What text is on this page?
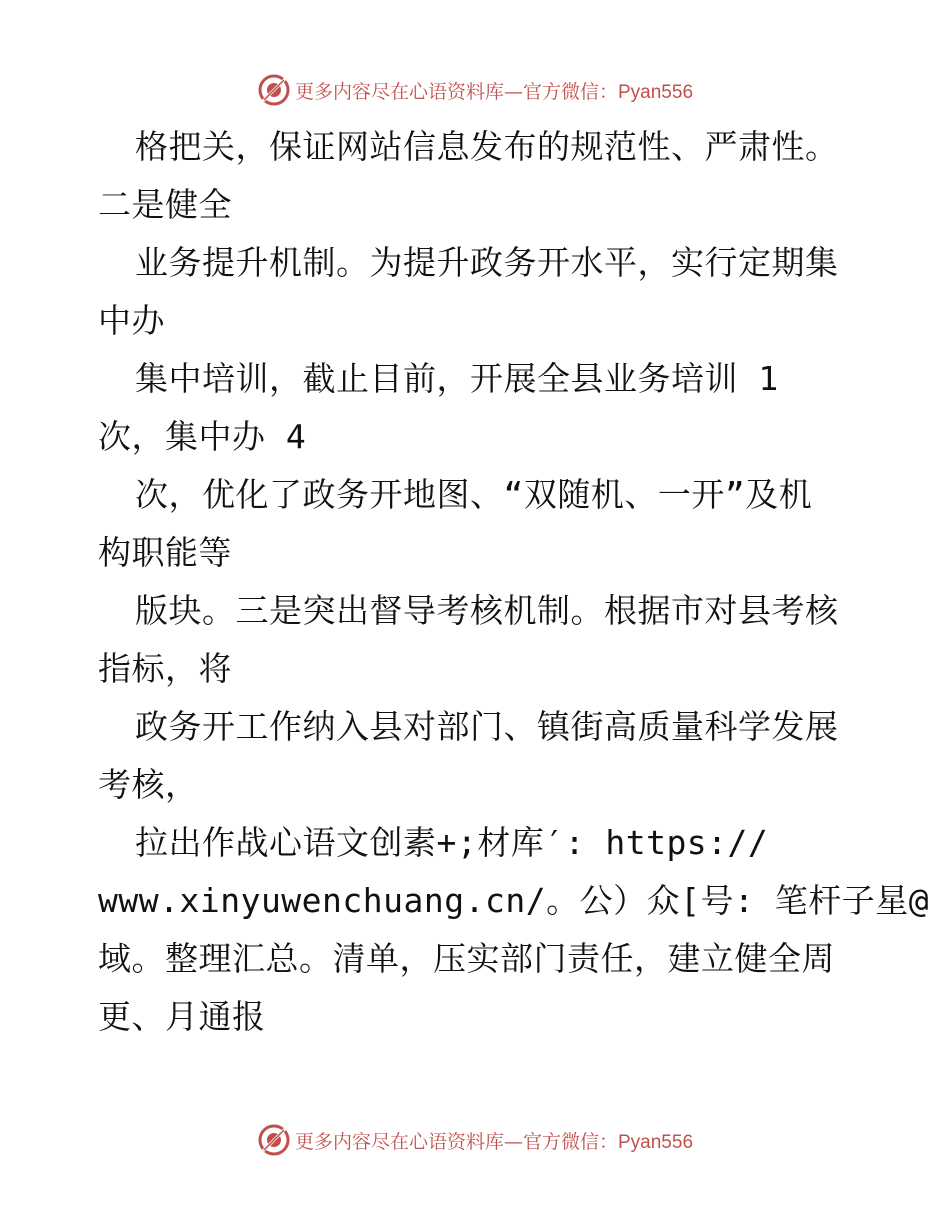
更多内容尽在心语资料库—官方微信：Pyan556
格把关，保证网站信息发布的规范性、严肃性。
二是健全
业务提升机制。为提升政务开水平，实行定期集
中办
集中培训，截止目前，开展全县业务培训 1
次，集中办 4
次，优化了政务开地图、“双随机、一开”及机
构职能等
版块。三是突出督导考核机制。根据市对县考核
指标，将
政务开工作纳入县对部门、镇街高质量科学发展
考核，
拉出作战心语文创素+;材库′: https://
www.xinyuwenchuang.cn/。公）众[号: 笔杆子星@
域。整理汇总。清单，压实部门责任，建立健全周
更、月通报
更多内容尽在心语资料库—官方微信：Pyan556
